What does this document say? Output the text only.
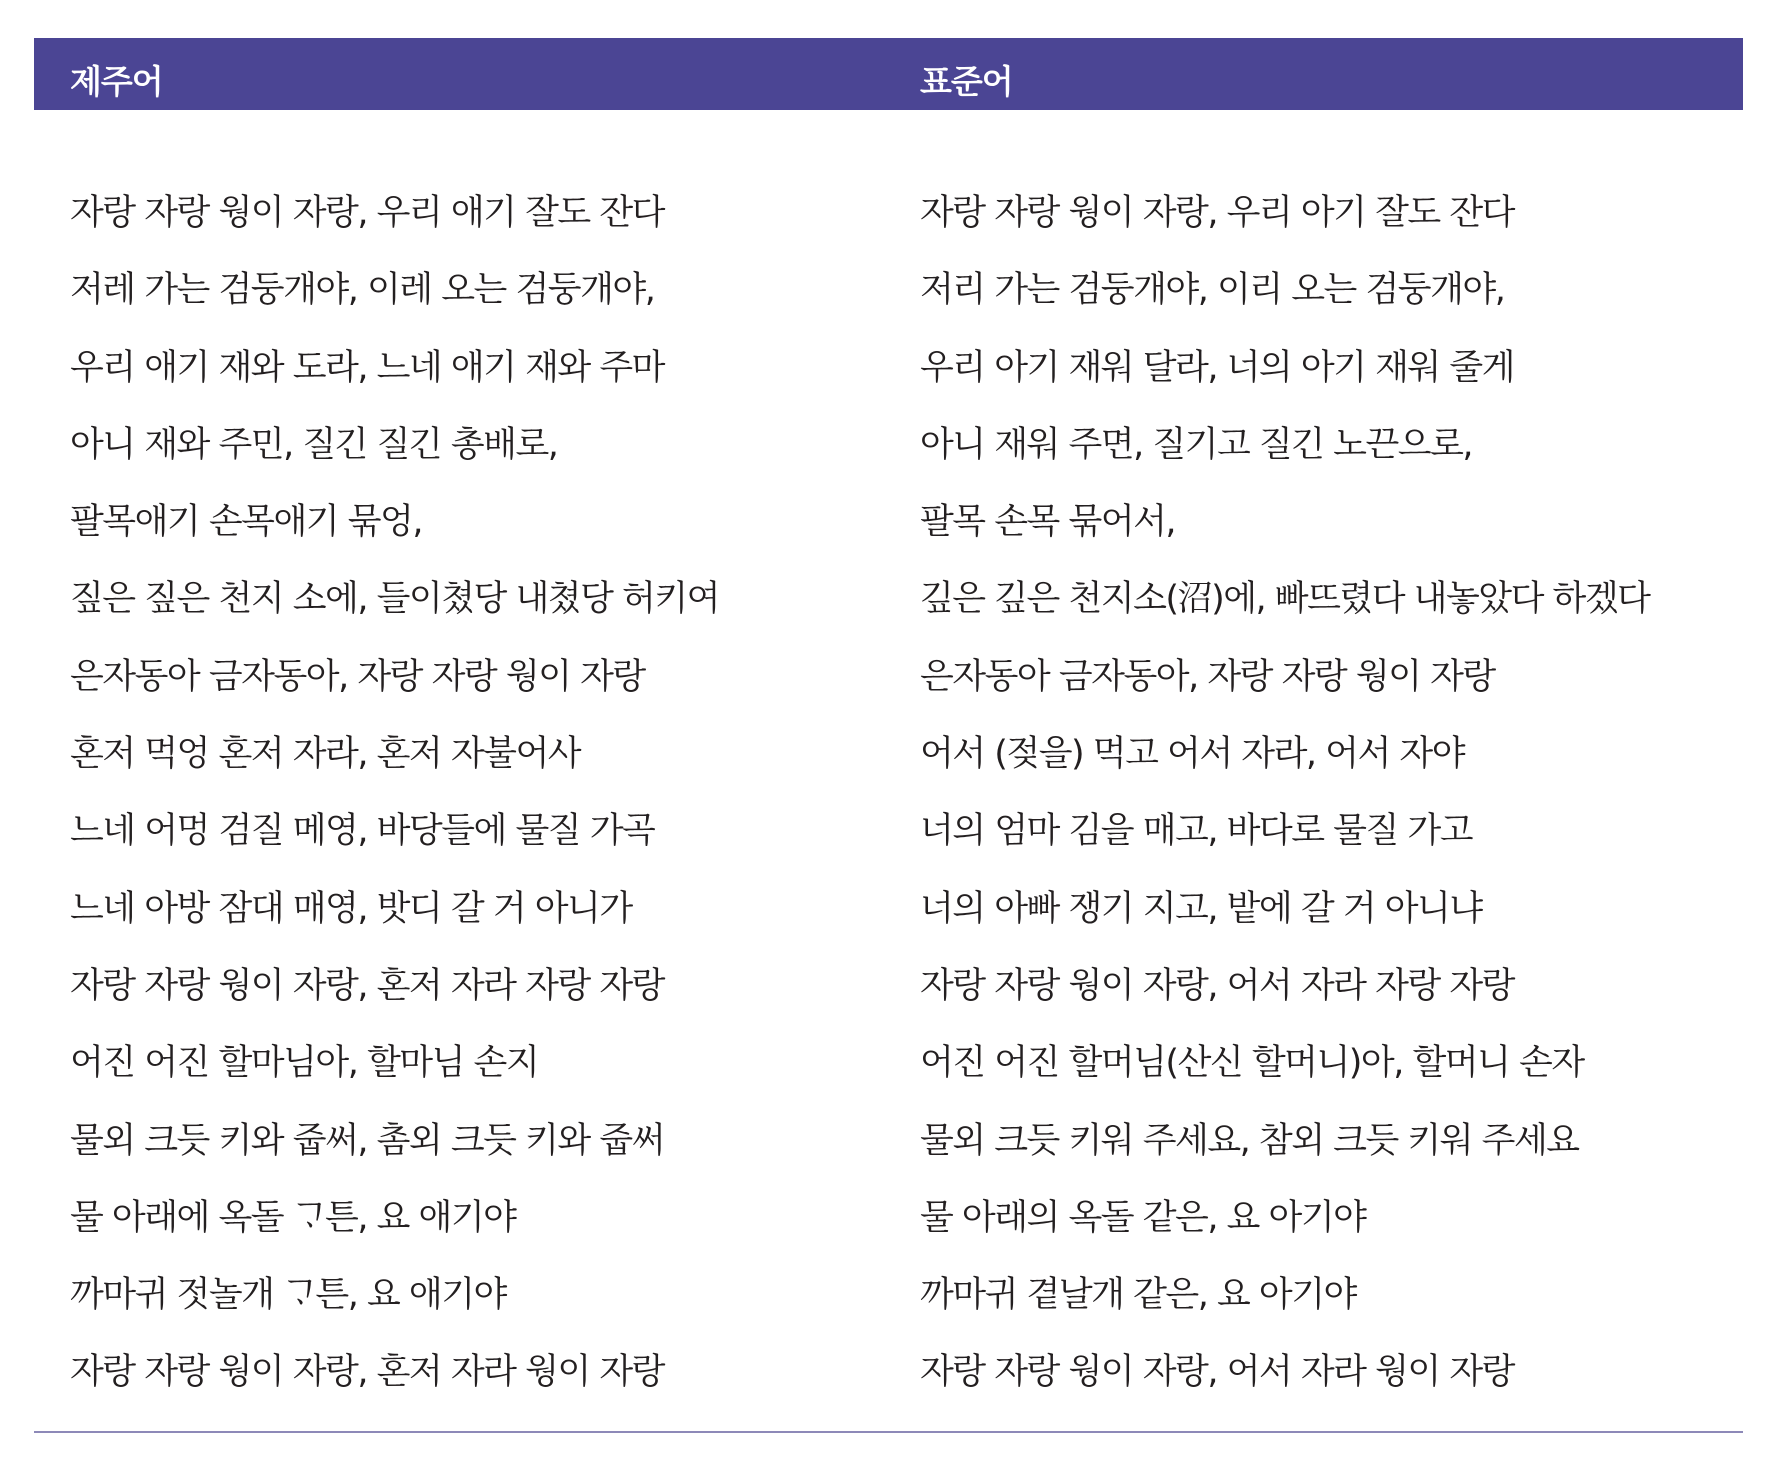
제주어	표준어
자랑 자랑 웡이 자랑, 우리 애기 잘도 잔다	자랑 자랑 웡이 자랑, 우리 아기 잘도 잔다
저레 가는 검둥개야, 이레 오는 검둥개야,	저리 가는 검둥개야, 이리 오는 검둥개야,
우리 애기 재와 도라, 느네 애기 재와 주마	우리 아기 재워 달라, 너의 아기 재워 줄게
아니 재와 주민, 질긴 질긴 총배로,	아니 재워 주면, 질기고 질긴 노끈으로,
팔목애기 손목애기 묶엉,	팔목 손목 묶어서,
짚은 짚은 천지 소에, 들이쳤당 내쳤당 허키여	깊은 깊은 천지소(沼)에, 빠뜨렸다 내놓았다 하겠다
은자동아 금자동아, 자랑 자랑 웡이 자랑	은자동아 금자동아, 자랑 자랑 웡이 자랑
혼저 먹엉 혼저 자라, 혼저 자불어사	어서 (젖을) 먹고 어서 자라, 어서 자야
느네 어멍 검질 메영, 바당들에 물질 가곡	너의 엄마 김을 매고, 바다로 물질 가고
느네 아방 잠대 매영, 밧디 갈 거 아니가	너의 아빠 쟁기 지고, 밭에 갈 거 아니냐
자랑 자랑 웡이 자랑, 혼저 자라 자랑 자랑	자랑 자랑 웡이 자랑, 어서 자라 자랑 자랑
어진 어진 할마님아, 할마님 손지	어진 어진 할머님(산신 할머니)아, 할머니 손자
물외 크듯 키와 줍써, 촘외 크듯 키와 줍써	물외 크듯 키워 주세요, 참외 크듯 키워 주세요
물 아래에 옥돌 ᄀᆞ튼, 요 애기야	물 아래의 옥돌 같은, 요 아기야
까마귀 젓놀개 ᄀᆞ튼, 요 애기야	까마귀 곁날개 같은, 요 아기야
자랑 자랑 웡이 자랑, 혼저 자라 웡이 자랑	자랑 자랑 웡이 자랑, 어서 자라 웡이 자랑
